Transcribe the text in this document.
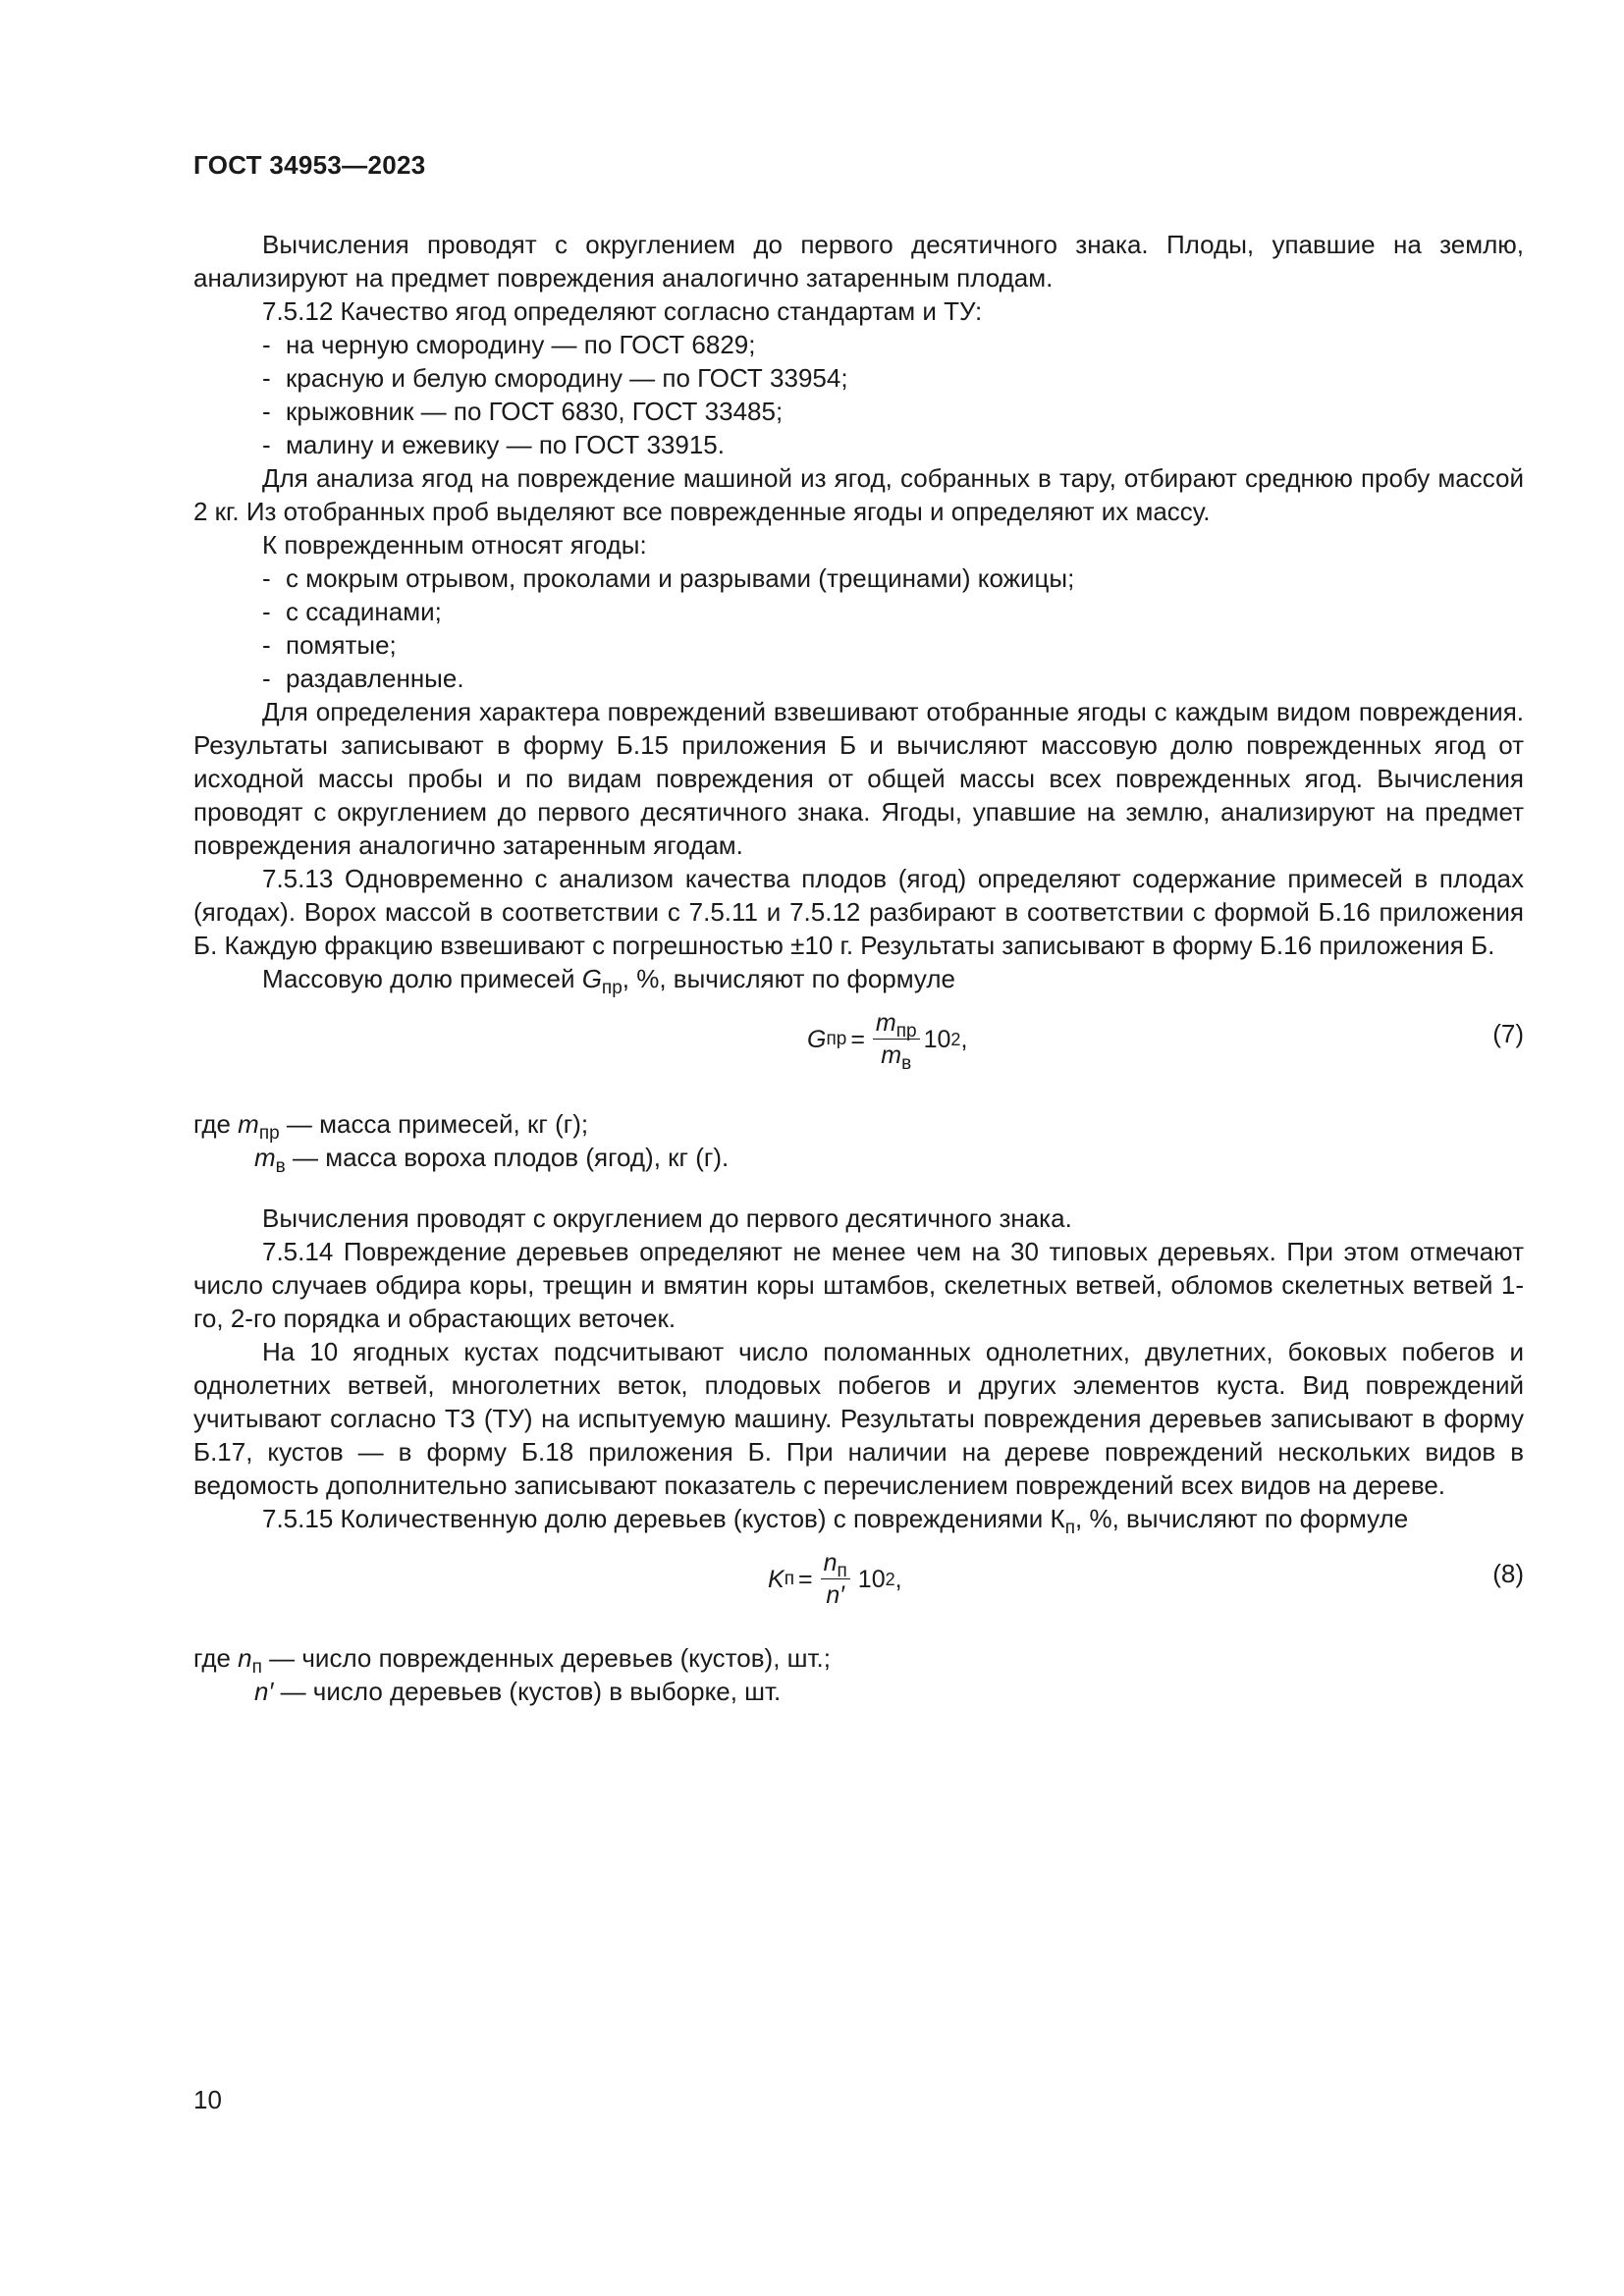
ГОСТ 34953—2023

Вычисления проводят с округлением до первого десятичного знака. Плоды, упавшие на землю, анализируют на предмет повреждения аналогично затаренным плодам.

7.5.12 Качество ягод определяют согласно стандартам и ТУ:

- на черную смородину — по ГОСТ 6829;

- красную и белую смородину — по ГОСТ 33954;

- крыжовник — по ГОСТ 6830, ГОСТ 33485;

- малину и ежевику — по ГОСТ 33915.

Для анализа ягод на повреждение машиной из ягод, собранных в тару, отбирают среднюю пробу массой 2 кг. Из отобранных проб выделяют все поврежденные ягоды и определяют их массу.

К поврежденным относят ягоды:

- с мокрым отрывом, проколами и разрывами (трещинами) кожицы;

- с ссадинами;

- помятые;

- раздавленные.

Для определения характера повреждений взвешивают отобранные ягоды с каждым видом повреждения. Результаты записывают в форму Б.15 приложения Б и вычисляют массовую долю поврежденных ягод от исходной массы пробы и по видам повреждения от общей массы всех поврежденных ягод. Вычисления проводят с округлением до первого десятичного знака. Ягоды, упавшие на землю, анализируют на предмет повреждения аналогично затаренным ягодам.

7.5.13 Одновременно с анализом качества плодов (ягод) определяют содержание примесей в плодах (ягодах). Ворох массой в соответствии с 7.5.11 и 7.5.12 разбирают в соответствии с формой Б.16 приложения Б. Каждую фракцию взвешивают с погрешностью ±10 г. Результаты записывают в форму Б.16 приложения Б.

Массовую долю примесей $G_{пр}$, %, вычисляют по формуле

G пр = $\frac{m_{пр}}{m_в} 10$ 2 ,	(7)

где $m_{пр}$ — масса примесей, кг (г);

$m_в$ — масса вороха плодов (ягод), кг (г).

Вычисления проводят с округлением до первого десятичного знака.

7.5.14 Повреждение деревьев определяют не менее чем на 30 типовых деревьях. При этом отмечают число случаев обдира коры, трещин и вмятин коры штамбов, скелетных ветвей, обломов скелетных ветвей 1-го, 2-го порядка и обрастающих веточек.

На 10 ягодных кустах подсчитывают число поломанных однолетних, двулетних, боковых побегов и однолетних ветвей, многолетних веток, плодовых побегов и других элементов куста. Вид повреждений учитывают согласно ТЗ (ТУ) на испытуемую машину. Результаты повреждения деревьев записывают в форму Б.17, кустов — в форму Б.18 приложения Б. При наличии на дереве повреждений нескольких видов в ведомость дополнительно записывают показатель с перечислением повреждений всех видов на дереве.

7.5.15 Количественную долю деревьев (кустов) с повреждениями $К_п$, %, вычисляют по формуле

K $п = \frac{n_п}{n'} 10$ 2 ,	(8)

где $n_п$ — число поврежденных деревьев (кустов), шт.;

n′ — число деревьев (кустов) в выборке, шт.

10
